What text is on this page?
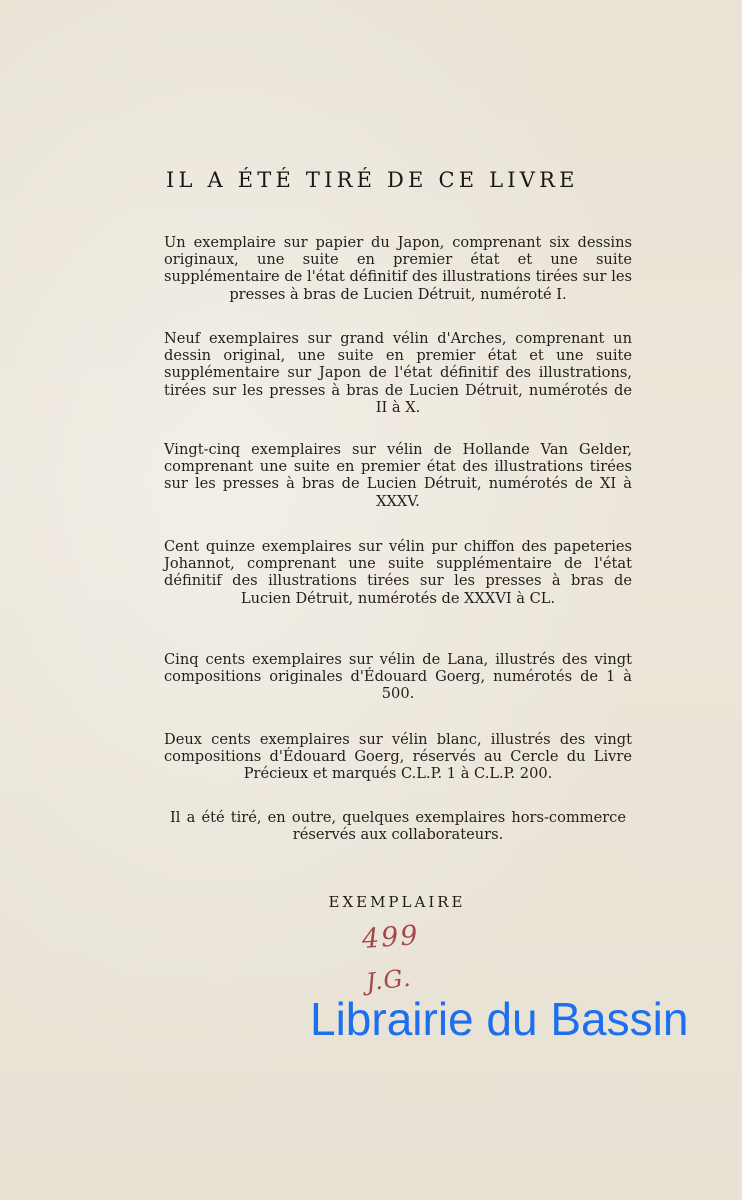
IL A ÉTÉ TIRÉ DE CE LIVRE

Un exemplaire sur papier du Japon, comprenant six dessins originaux, une suite en premier état et une suite supplémentaire de l'état définitif des illustrations tirées sur les presses à bras de Lucien Détruit, numéroté I.

Neuf exemplaires sur grand vélin d'Arches, comprenant un dessin original, une suite en premier état et une suite supplémentaire sur Japon de l'état définitif des illustrations, tirées sur les presses à bras de Lucien Détruit, numérotés de II à X.

Vingt-cinq exemplaires sur vélin de Hollande Van Gelder, comprenant une suite en premier état des illustrations tirées sur les presses à bras de Lucien Détruit, numérotés de XI à XXXV.

Cent quinze exemplaires sur vélin pur chiffon des papeteries Johannot, comprenant une suite supplémentaire de l'état définitif des illustrations tirées sur les presses à bras de Lucien Détruit, numérotés de XXXVI à CL.

Cinq cents exemplaires sur vélin de Lana, illustrés des vingt compositions originales d'Édouard Goerg, numérotés de 1 à 500.

Deux cents exemplaires sur vélin blanc, illustrés des vingt compositions d'Édouard Goerg, réservés au Cercle du Livre Précieux et marqués C.L.P. 1 à C.L.P. 200.

Il a été tiré, en outre, quelques exemplaires hors-commerce réservés aux collaborateurs.

EXEMPLAIRE
499
J.G.
Librairie du Bassin
